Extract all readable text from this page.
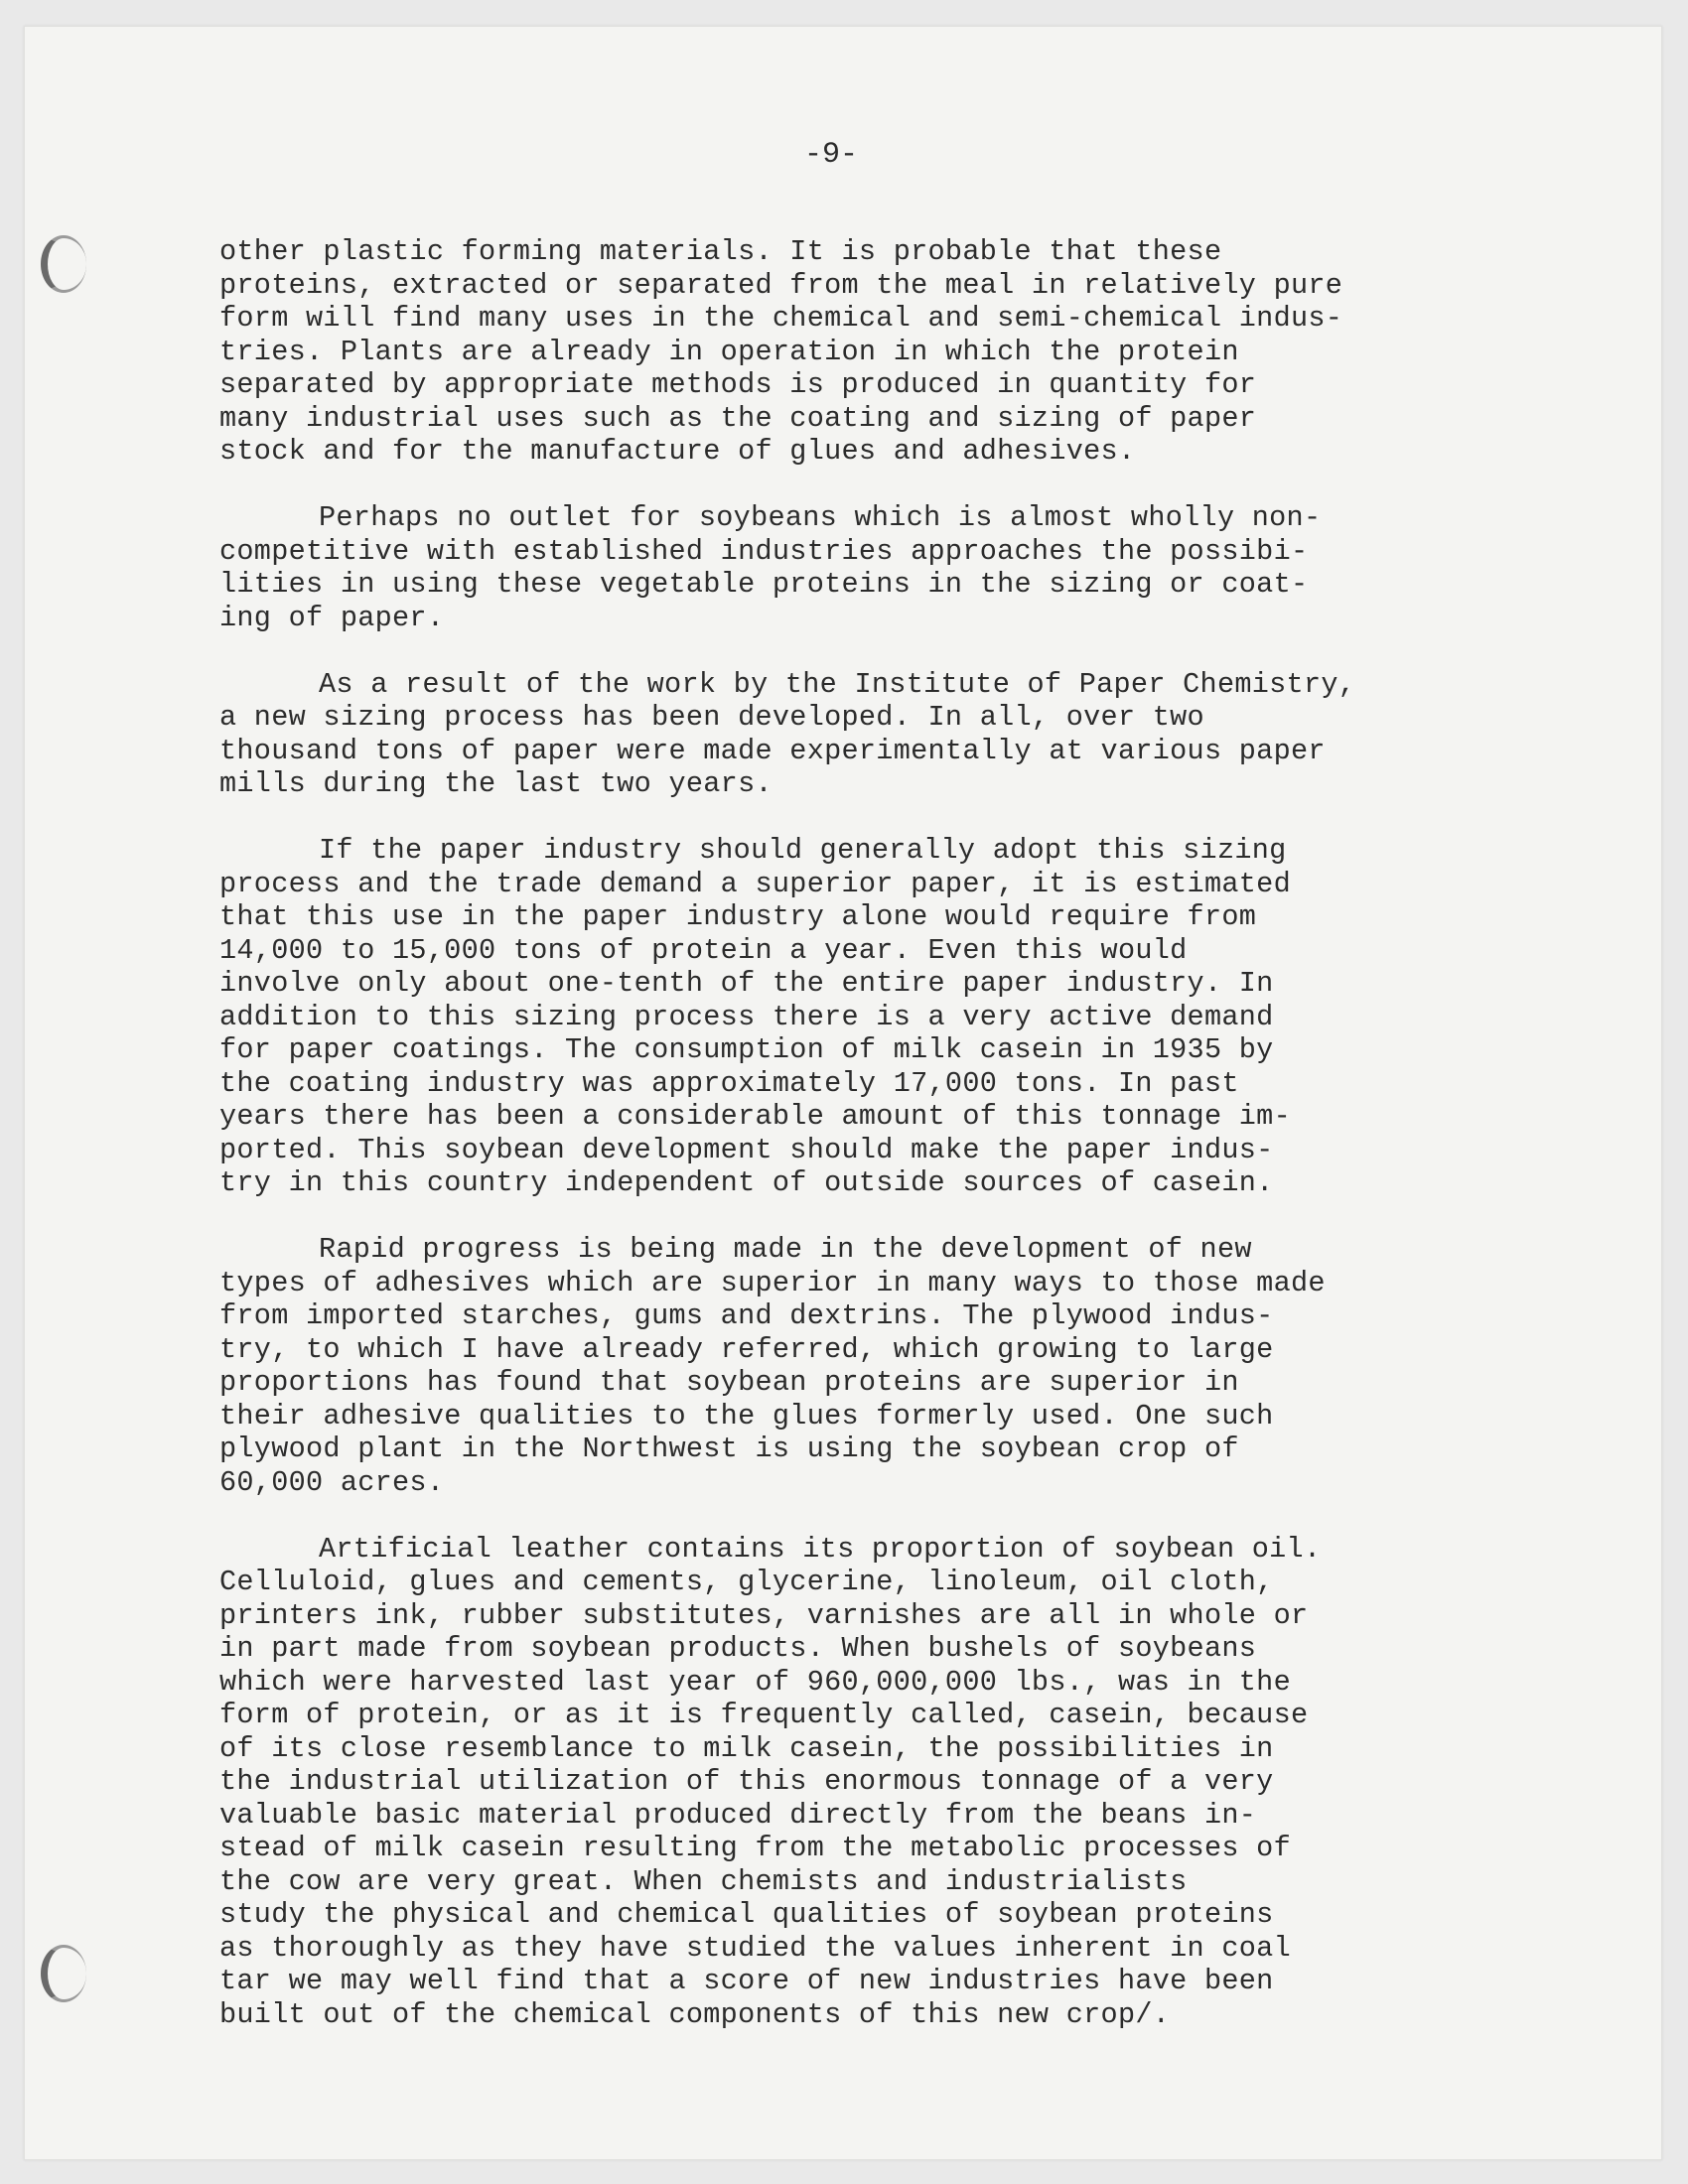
-9-

other plastic forming materials. It is probable that these
proteins, extracted or separated from the meal in relatively pure
form will find many uses in the chemical and semi-chemical indus-
tries. Plants are already in operation in which the protein
separated by appropriate methods is produced in quantity for
many industrial uses such as the coating and sizing of paper
stock and for the manufacture of glues and adhesives.

Perhaps no outlet for soybeans which is almost wholly non-
competitive with established industries approaches the possibi-
lities in using these vegetable proteins in the sizing or coat-
ing of paper.

As a result of the work by the Institute of Paper Chemistry,
a new sizing process has been developed. In all, over two
thousand tons of paper were made experimentally at various paper
mills during the last two years.

If the paper industry should generally adopt this sizing
process and the trade demand a superior paper, it is estimated
that this use in the paper industry alone would require from
14,000 to 15,000 tons of protein a year. Even this would
involve only about one-tenth of the entire paper industry. In
addition to this sizing process there is a very active demand
for paper coatings. The consumption of milk casein in 1935 by
the coating industry was approximately 17,000 tons. In past
years there has been a considerable amount of this tonnage im-
ported. This soybean development should make the paper indus-
try in this country independent of outside sources of casein.

Rapid progress is being made in the development of new
types of adhesives which are superior in many ways to those made
from imported starches, gums and dextrins. The plywood indus-
try, to which I have already referred, which growing to large
proportions has found that soybean proteins are superior in
their adhesive qualities to the glues formerly used. One such
plywood plant in the Northwest is using the soybean crop of
60,000 acres.

Artificial leather contains its proportion of soybean oil.
Celluloid, glues and cements, glycerine, linoleum, oil cloth,
printers ink, rubber substitutes, varnishes are all in whole or
in part made from soybean products. When bushels of soybeans
which were harvested last year of 960,000,000 lbs., was in the
form of protein, or as it is frequently called, casein, because
of its close resemblance to milk casein, the possibilities in
the industrial utilization of this enormous tonnage of a very
valuable basic material produced directly from the beans in-
stead of milk casein resulting from the metabolic processes of
the cow are very great. When chemists and industrialists
study the physical and chemical qualities of soybean proteins
as thoroughly as they have studied the values inherent in coal
tar we may well find that a score of new industries have been
built out of the chemical components of this new crop/.
